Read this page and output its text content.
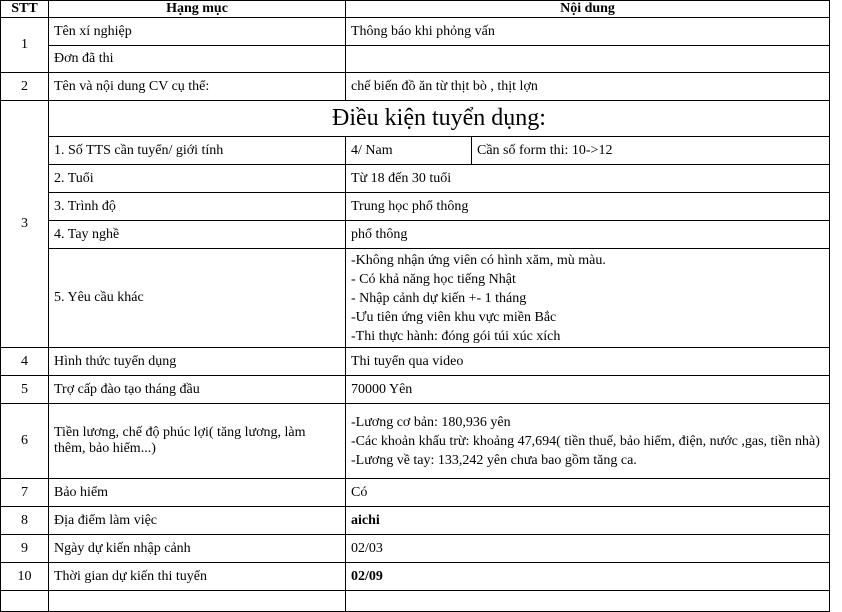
STT	Hạng mục	Nội dung	
1	Tên xí nghiệp	Thông báo khi phỏng vấn	
	Đơn đã thi		
2	Tên và nội dung CV cụ thể:	chế biến đồ ăn từ thịt bò , thịt lợn	
3	Điều kiện tuyển dụng:		
	1. Số TTS cần tuyển/ giới tính	4/ Nam	Cần số form thi: 10->12
	2. Tuổi	Từ 18 đến 30 tuổi	
	3. Trình độ	Trung học phổ thông	
	4. Tay nghề	phổ thông	
	5. Yêu cầu khác	-Không nhận ứng viên có hình xăm, mù màu.
- Có khả năng học tiếng Nhật
- Nhập cảnh dự kiến +- 1 tháng
-Ưu tiên ứng viên khu vực miền Bắc
-Thi thực hành: đóng gói túi xúc xích	

4	Hình thức tuyển dụng	Thi tuyển qua video	
5	Trợ cấp đào tạo tháng đầu	70000 Yên	
6	Tiền lương, chế độ phúc lợi( tăng lương, làm thêm, bảo hiểm...)	-Lương cơ bản: 180,936 yên
-Các khoản khấu trừ: khoảng 47,694( tiền thuế, bảo hiểm, điện, nước ,gas, tiền nhà)
-Lương về tay: 133,242 yên chưa bao gồm tăng ca.	

7	Bảo hiểm	Có	
8	Địa điểm làm việc	aichi	
9	Ngày dự kiến nhập cảnh	02/03	
10	Thời gian dự kiến thi tuyển	02/09	
